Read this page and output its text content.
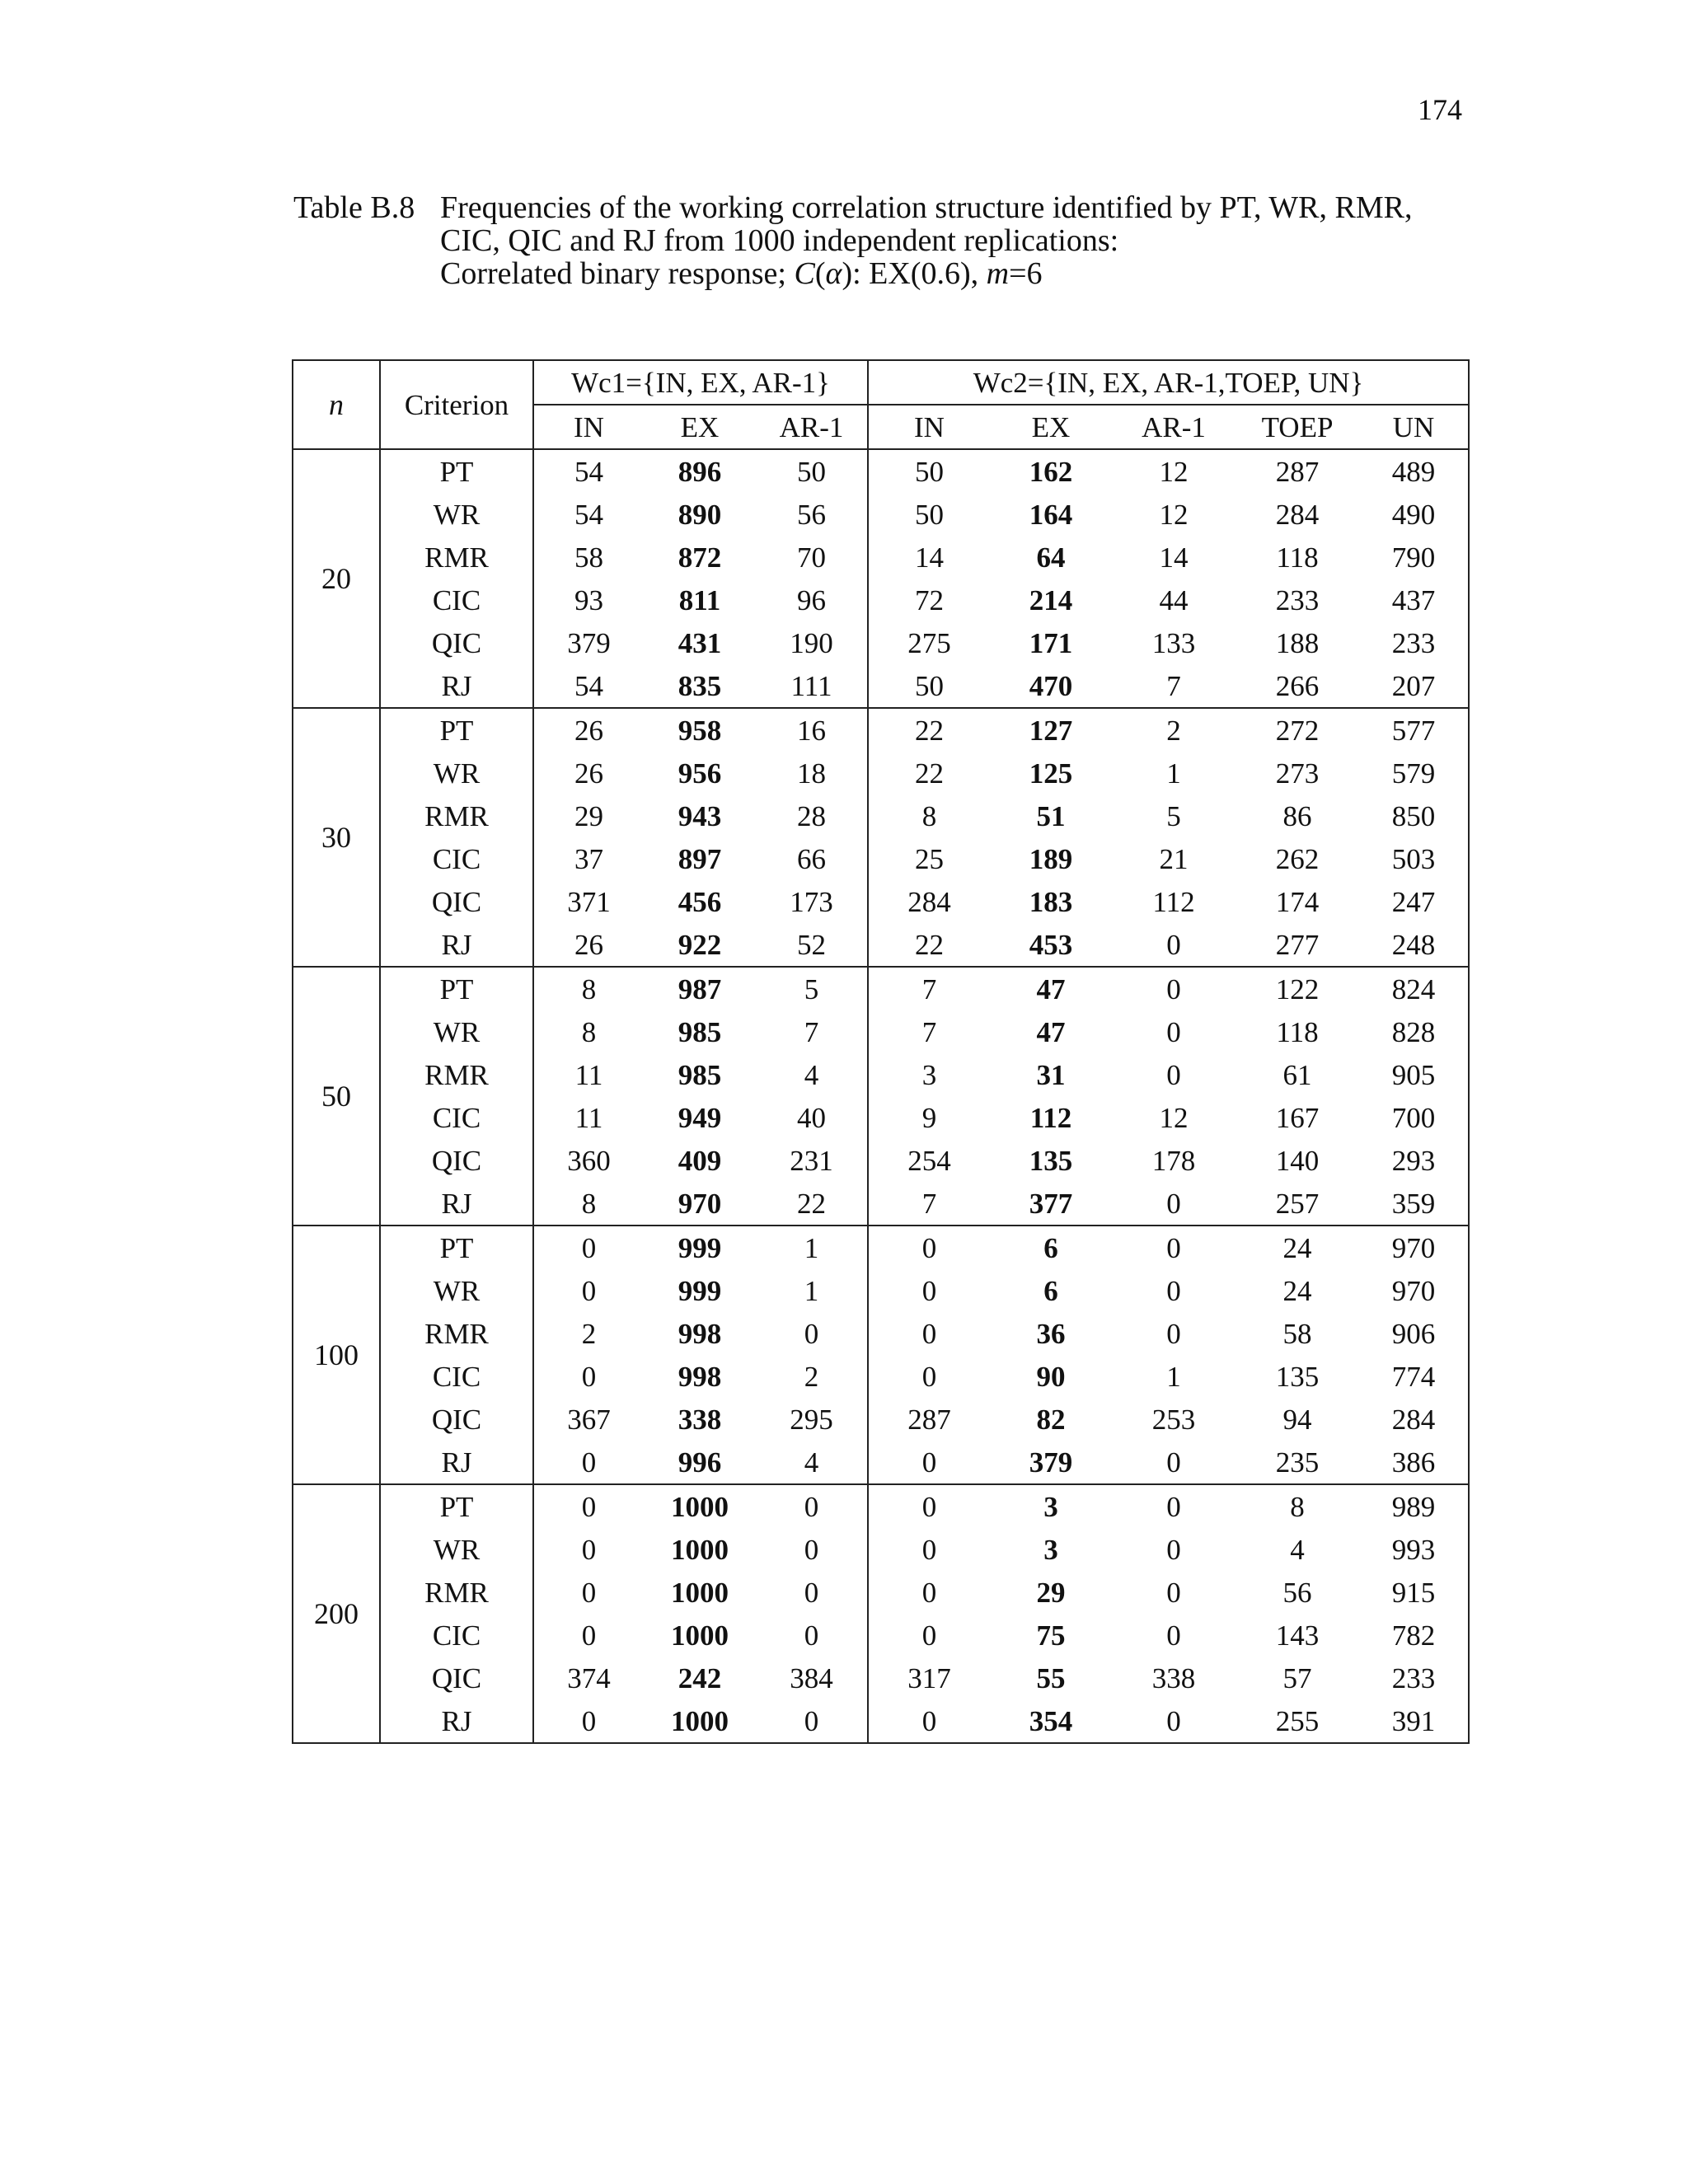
174
Table B.8 Frequencies of the working correlation structure identified by PT, WR, RMR,
CIC, QIC and RJ from 1000 independent replications:
Correlated binary response; C(α): EX(0.6), m=6
n	Criterion	Wc1={IN, EX, AR-1}			Wc2={IN, EX, AR-1,TOEP, UN}				
		IN	EX	AR-1	IN	EX	AR-1	TOEP	UN
20	PT	54	896	50	50	162	12	287	489
	WR	54	890	56	50	164	12	284	490
	RMR	58	872	70	14	64	14	118	790
	CIC	93	811	96	72	214	44	233	437
	QIC	379	431	190	275	171	133	188	233
	RJ	54	835	111	50	470	7	266	207
30	PT	26	958	16	22	127	2	272	577
	WR	26	956	18	22	125	1	273	579
	RMR	29	943	28	8	51	5	86	850
	CIC	37	897	66	25	189	21	262	503
	QIC	371	456	173	284	183	112	174	247
	RJ	26	922	52	22	453	0	277	248
50	PT	8	987	5	7	47	0	122	824
	WR	8	985	7	7	47	0	118	828
	RMR	11	985	4	3	31	0	61	905
	CIC	11	949	40	9	112	12	167	700
	QIC	360	409	231	254	135	178	140	293
	RJ	8	970	22	7	377	0	257	359
100	PT	0	999	1	0	6	0	24	970
	WR	0	999	1	0	6	0	24	970
	RMR	2	998	0	0	36	0	58	906
	CIC	0	998	2	0	90	1	135	774
	QIC	367	338	295	287	82	253	94	284
	RJ	0	996	4	0	379	0	235	386
200	PT	0	1000	0	0	3	0	8	989
	WR	0	1000	0	0	3	0	4	993
	RMR	0	1000	0	0	29	0	56	915
	CIC	0	1000	0	0	75	0	143	782
	QIC	374	242	384	317	55	338	57	233
	RJ	0	1000	0	0	354	0	255	391
